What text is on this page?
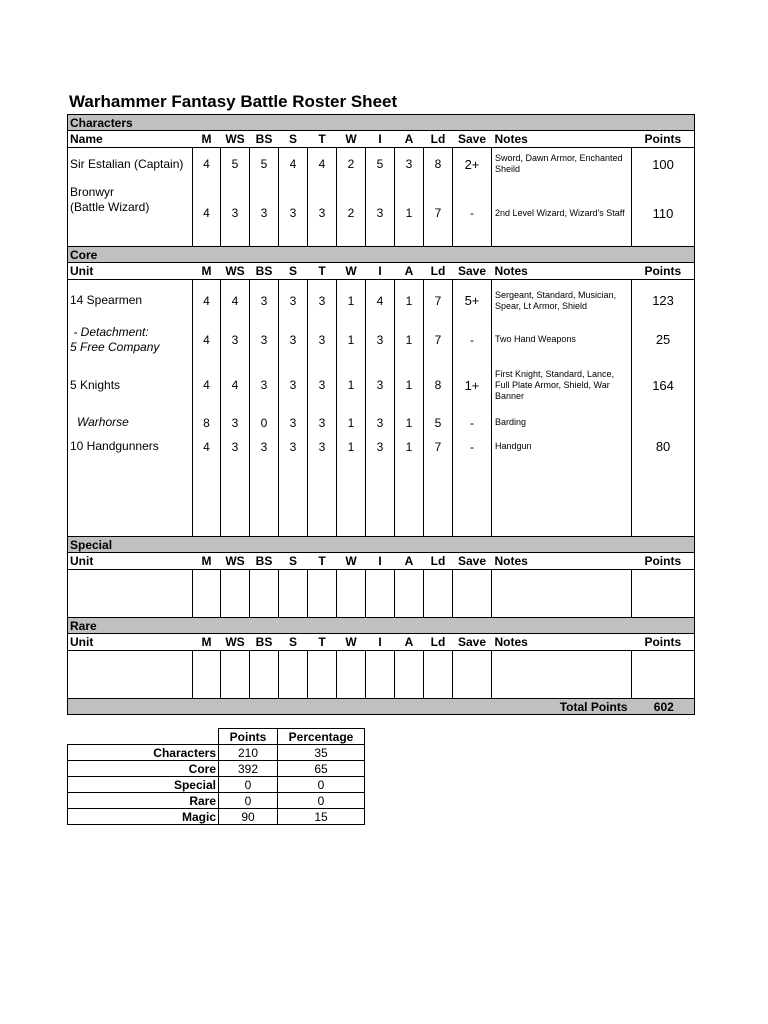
Warhammer Fantasy Battle Roster Sheet
Characters												
Name	M	WS	BS	S	T	W	I	A	Ld	Save	Notes	Points
Sir Estalian (Captain)	4	5	5	4	4	2	5	3	8	2+	Sword, Dawn Armor, Enchanted Sheild	100
Bronwyr
(Battle Wizard)	4	3	3	3	3	2	3	1	7	-	2nd Level Wizard, Wizard's Staff	110
Core												
Unit	M	WS	BS	S	T	W	I	A	Ld	Save	Notes	Points
14 Spearmen	4	4	3	3	3	1	4	1	7	5+	Sergeant, Standard, Musician, Spear, Lt Armor, Shield	123
- Detachment:
5 Free Company	4	3	3	3	3	1	3	1	7	-	Two Hand Weapons	25
5 Knights	4	4	3	3	3	1	3	1	8	1+	First Knight, Standard, Lance, Full Plate Armor, Shield, War Banner	164
Warhorse	8	3	0	3	3	1	3	1	5	-	Barding	
10 Handgunners	4	3	3	3	3	1	3	1	7	-	Handgun	80

Special												
Unit	M	WS	BS	S	T	W	I	A	Ld	Save	Notes	Points

Rare												
Unit	M	WS	BS	S	T	W	I	A	Ld	Save	Notes	Points

Total Points												602
	Points	Percentage
Characters	210	35
Core	392	65
Special	0	0
Rare	0	0
Magic	90	15
